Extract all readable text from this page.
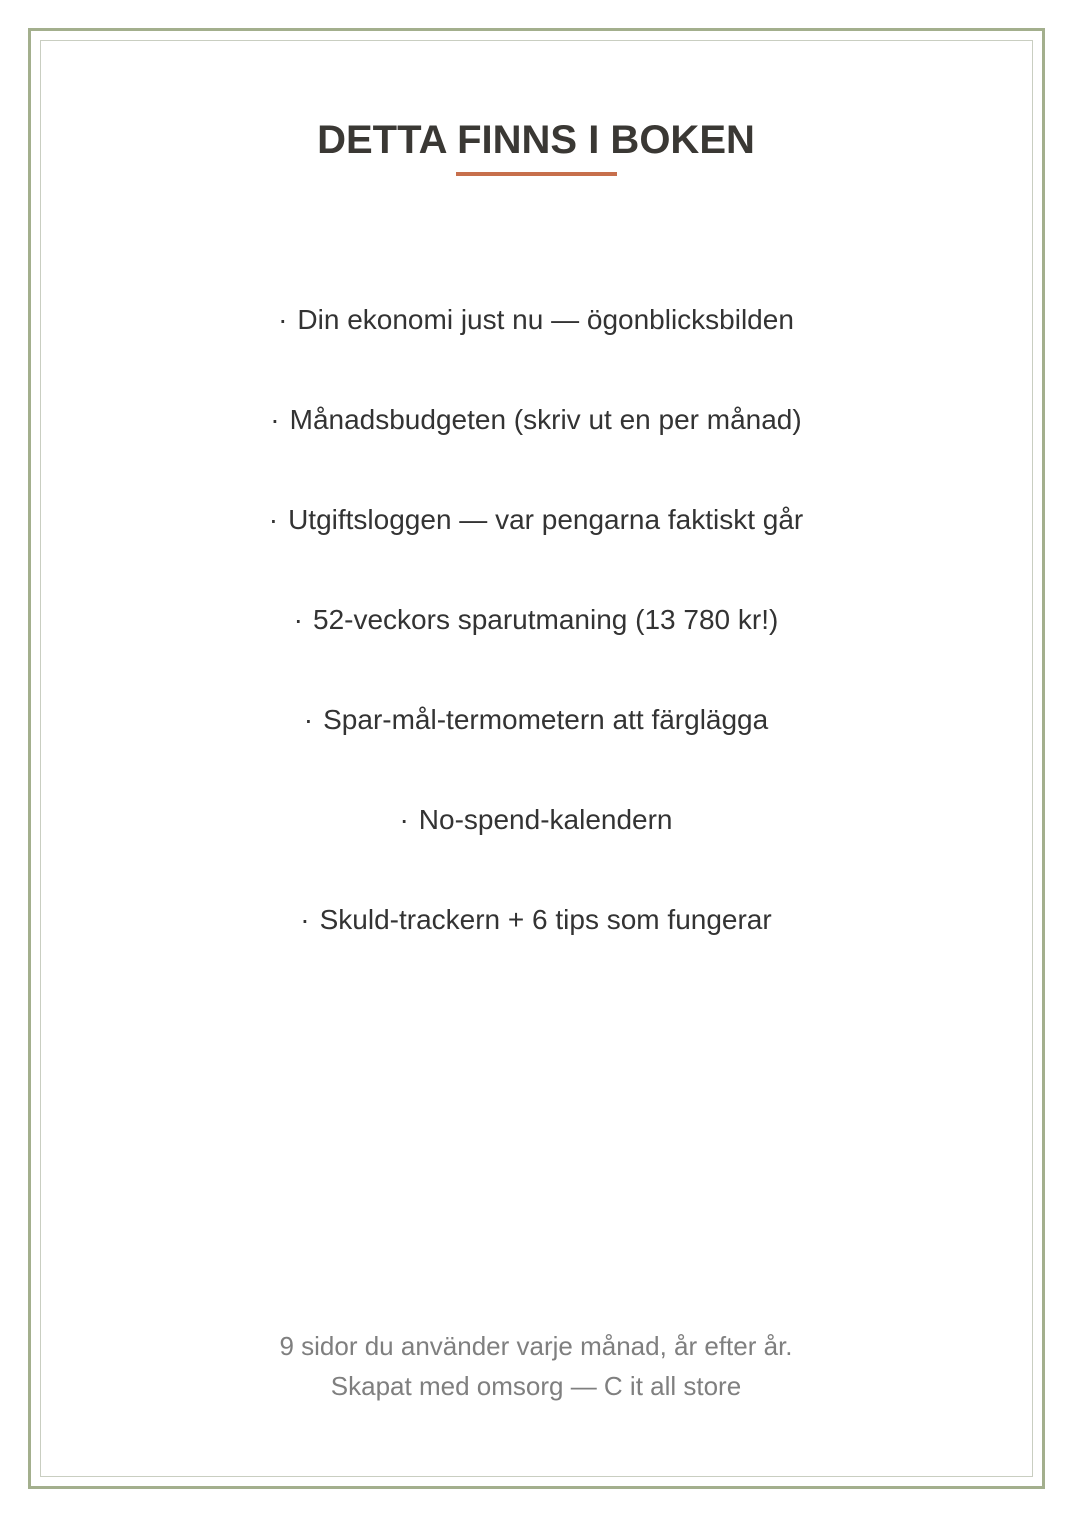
DETTA FINNS I BOKEN
· Din ekonomi just nu — ögonblicksbilden
· Månadsbudgeten (skriv ut en per månad)
· Utgiftsloggen — var pengarna faktiskt går
· 52-veckors sparutmaning (13 780 kr!)
· Spar-mål-termometern att färglägga
· No-spend-kalendern
· Skuld-trackern + 6 tips som fungerar
9 sidor du använder varje månad, år efter år.
Skapat med omsorg — C it all store
